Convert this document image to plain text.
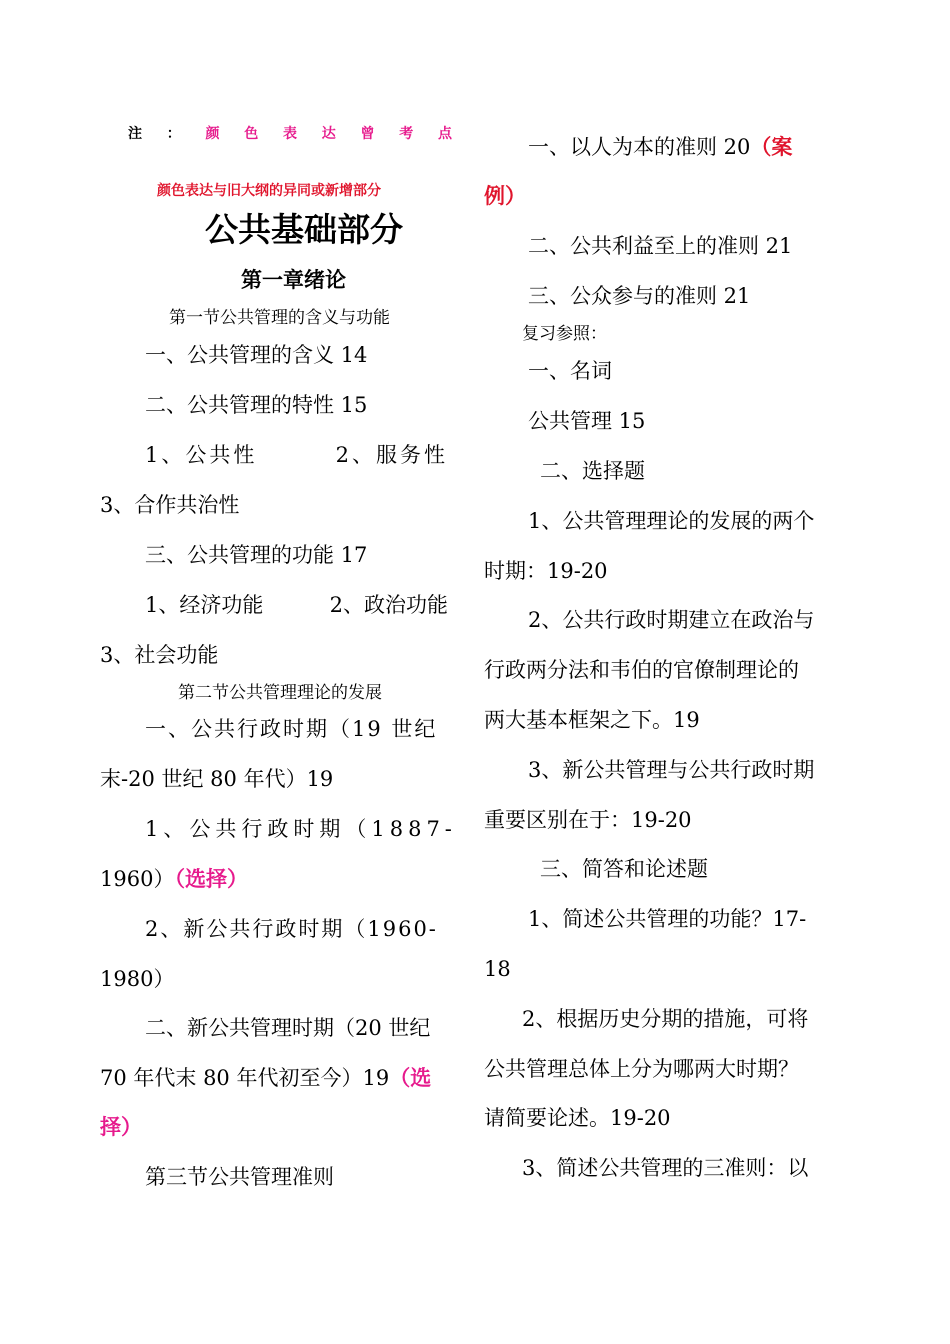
注 ： 颜 色 表 达 曾 考 点
颜色表达与旧大纲的异同或新增部分
公共基础部分
第一章绪论
第一节公共管理的含义与功能
一、公共管理的含义 14
二、公共管理的特性 15
1、公共性	2、服务性
3、合作共治性
三、公共管理的功能 17
1、经济功能	2、政治功能
3、社会功能
第二节公共管理理论的发展
一、公共行政时期（19 世纪
末-20 世纪 80 年代）19
1、公共行政时期（1887-
1960）（选择）
2、新公共行政时期（1960-
1980）
二、新公共管理时期（20 世纪
70 年代末 80 年代初至今）19（选
择）
第三节公共管理准则
一、以人为本的准则 20（案
例）
二、公共利益至上的准则 21
三、公众参与的准则 21
复习参照：
一、名词
公共管理 15
二、选择题
1、公共管理理论的发展的两个
时期：19-20
2、公共行政时期建立在政治与
行政两分法和韦伯的官僚制理论的
两大基本框架之下。19
3、新公共管理与公共行政时期
重要区别在于：19-20
三、简答和论述题
1、简述公共管理的功能？17-
18
2、根据历史分期的措施，可将
公共管理总体上分为哪两大时期？
请简要论述。19-20
3、简述公共管理的三准则：以
